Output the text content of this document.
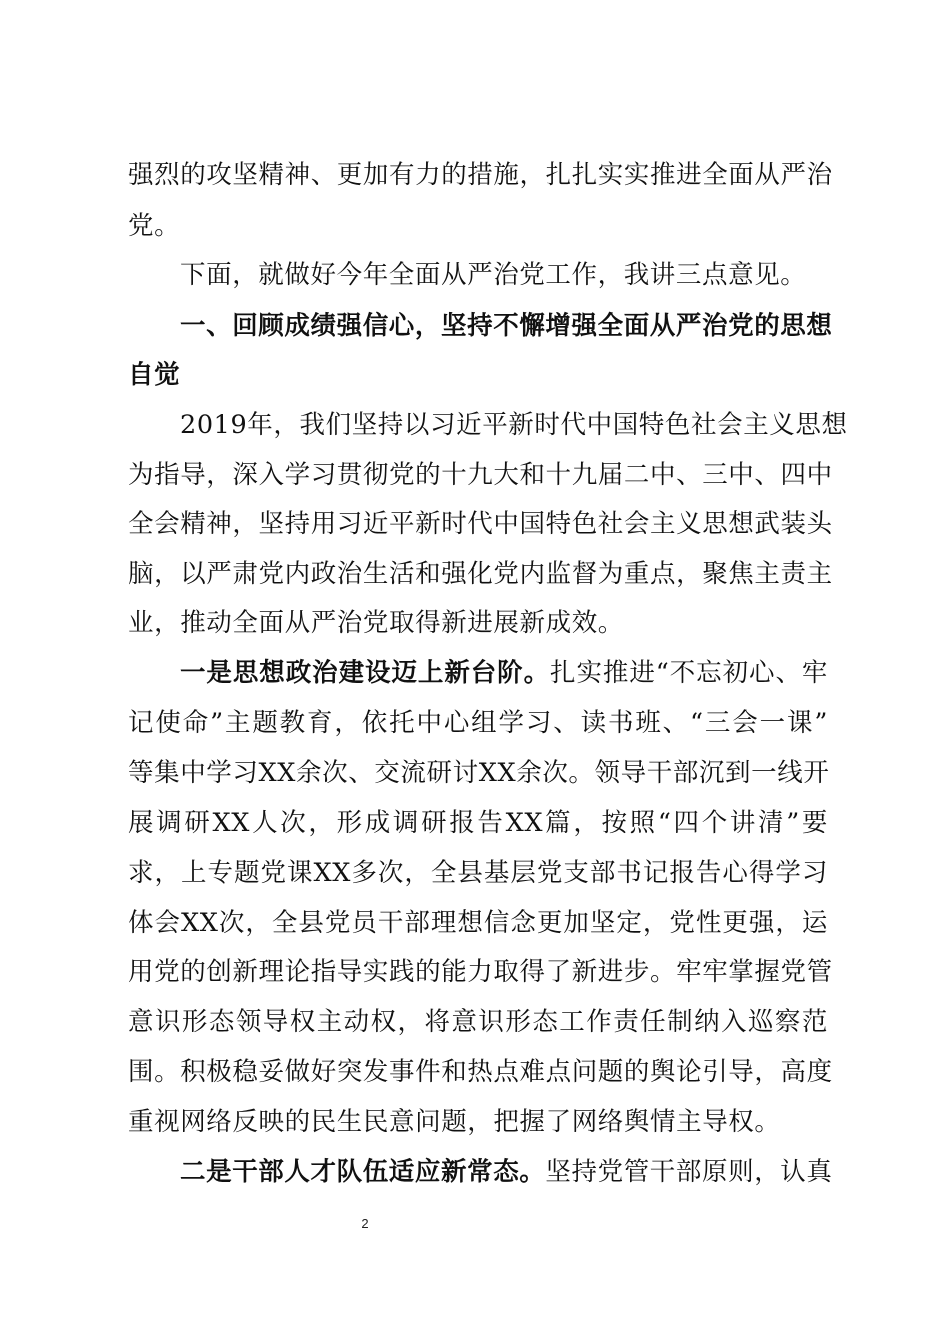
强烈的攻坚精神、更加有力的措施，扎扎实实推进全面从严治
党。
下面，就做好今年全面从严治党工作，我讲三点意见。
一、回顾成绩强信心，坚持不懈增强全面从严治党的思想
自觉
2019年，我们坚持以习近平新时代中国特色社会主义思想
为指导，深入学习贯彻党的十九大和十九届二中、三中、四中
全会精神，坚持用习近平新时代中国特色社会主义思想武装头
脑，以严肃党内政治生活和强化党内监督为重点，聚焦主责主
业，推动全面从严治党取得新进展新成效。
一是思想政治建设迈上新台阶。扎实推进“不忘初心、牢
记使命”主题教育，依托中心组学习、读书班、“三会一课”
等集中学习XX余次、交流研讨XX余次。领导干部沉到一线开
展调研XX人次，形成调研报告XX篇，按照“四个讲清”要
求，上专题党课XX多次，全县基层党支部书记报告心得学习
体会XX次，全县党员干部理想信念更加坚定，党性更强，运
用党的创新理论指导实践的能力取得了新进步。牢牢掌握党管
意识形态领导权主动权，将意识形态工作责任制纳入巡察范
围。积极稳妥做好突发事件和热点难点问题的舆论引导，高度
重视网络反映的民生民意问题，把握了网络舆情主导权。
二是干部人才队伍适应新常态。坚持党管干部原则，认真
2
